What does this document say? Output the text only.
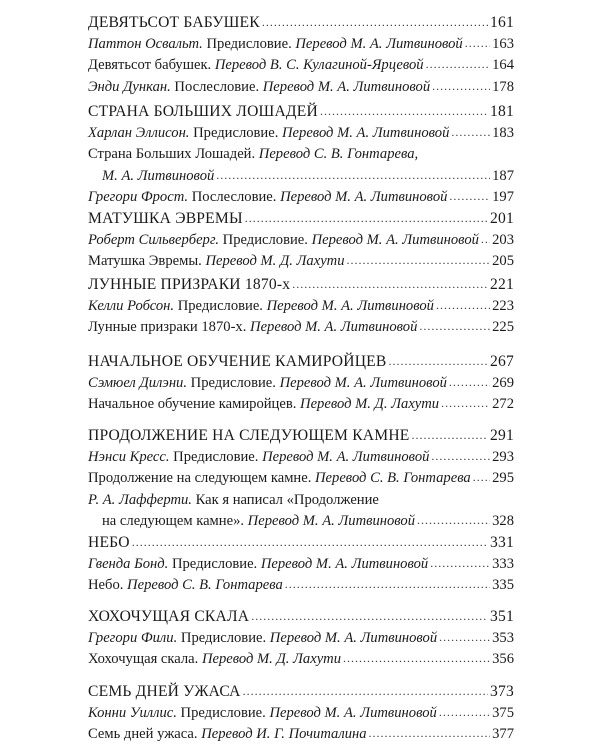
ДЕВЯТЬСОТ БАБУШЕК . . .	161
Паттон Освальт. Предисловие. Перевод М. А. Литвиновой . . . 163
Девятьсот бабушек. Перевод В. С. Кулагиной-Ярцевой . . .	164
Энди Дункан. Послесловие. Перевод М. А. Литвиновой . . .	178
СТРАНА БОЛЬШИХ ЛОШАДЕЙ . . .	181
Харлан Эллисон. Предисловие. Перевод М. А. Литвиновой . . .	183
Страна Больших Лошадей. Перевод С. В. Гонтарева,
М. А. Литвиновой . . .	187
Грегори Фрост. Послесловие. Перевод М. А. Литвиновой . . .	197
МАТУШКА ЭВРЕМЫ . . .	201
Роберт Сильверберг. Предисловие. Перевод М. А. Литвиновой . . . 203
Матушка Эвремы. Перевод М. Д. Лахути . . .	205
ЛУННЫЕ ПРИЗРАКИ 1870-х . . .	221
Келли Робсон. Предисловие. Перевод М. А. Литвиновой . . .	223
Лунные призраки 1870-х. Перевод М. А. Литвиновой . . .	225
НАЧАЛЬНОЕ ОБУЧЕНИЕ КАМИРОЙЦЕВ . . .	267
Сэмюел Дилэни. Предисловие. Перевод М. А. Литвиновой . . .	269
Начальное обучение камиройцев. Перевод М. Д. Лахути . . .	272
ПРОДОЛЖЕНИЕ НА СЛЕДУЮЩЕМ КАМНЕ . . .	291
Нэнси Кресс. Предисловие. Перевод М. А. Литвиновой . . .	293
Продолжение на следующем камне. Перевод С. В. Гонтарева . . . 295
Р. А. Лафферти. Как я написал «Продолжение
на следующем камне». Перевод М. А. Литвиновой . . .	328
НЕБО . . .	331
Гвенда Бонд. Предисловие. Перевод М. А. Литвиновой . . .	333
Небо. Перевод С. В. Гонтарева . . .	335
ХОХОЧУЩАЯ СКАЛА . . .	351
Грегори Фили. Предисловие. Перевод М. А. Литвиновой . . .	353
Хохочущая скала. Перевод М. Д. Лахути . . .	356
СЕМЬ ДНЕЙ УЖАСА . . .	373
Конни Уиллис. Предисловие. Перевод М. А. Литвиновой . . .	375
Семь дней ужаса. Перевод И. Г. Почиталина . . .	377
